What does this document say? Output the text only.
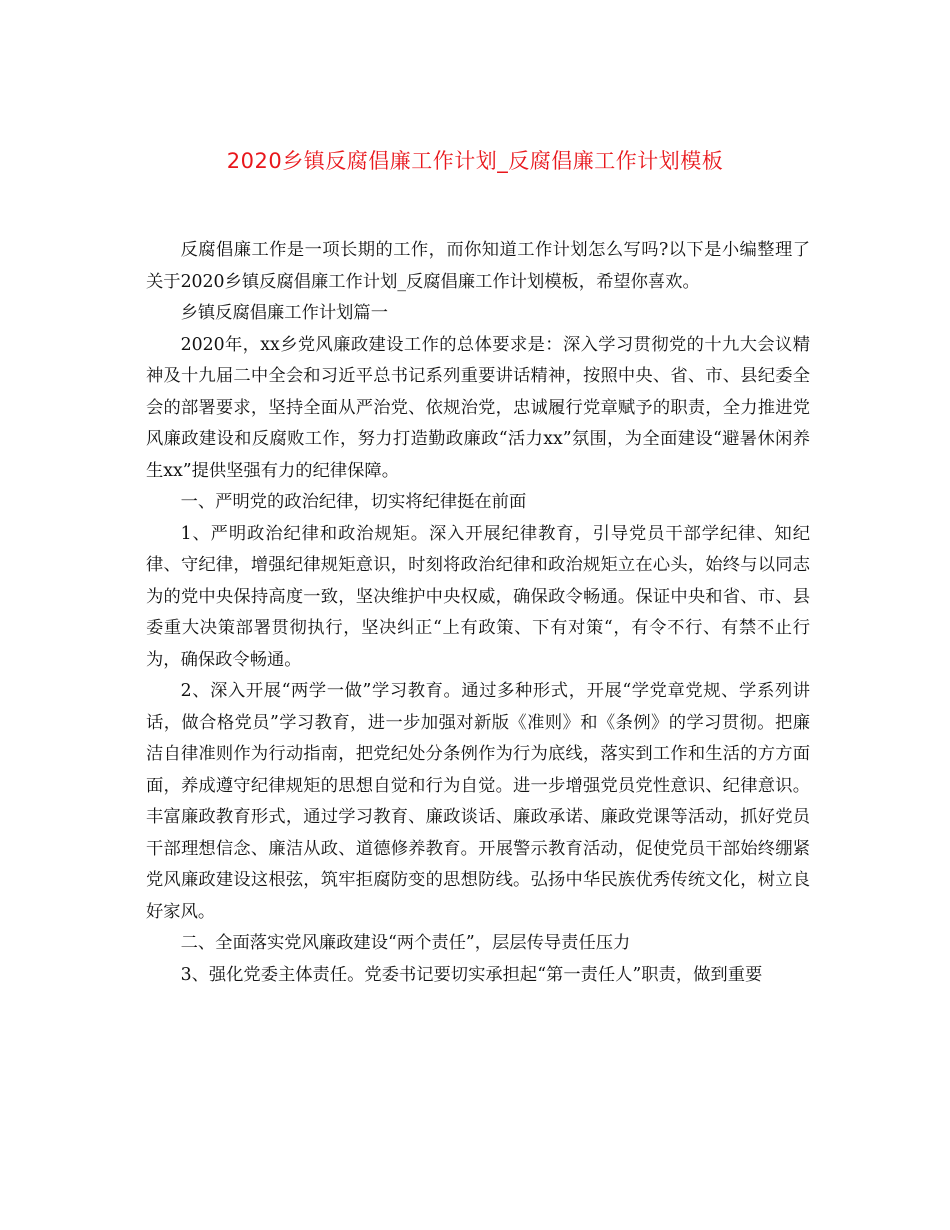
2020乡镇反腐倡廉工作计划_反腐倡廉工作计划模板

反腐倡廉工作是一项长期的工作，而你知道工作计划怎么写吗?以下是小编整理了关于2020乡镇反腐倡廉工作计划_反腐倡廉工作计划模板，希望你喜欢。

乡镇反腐倡廉工作计划篇一

2020年，xx乡党风廉政建设工作的总体要求是：深入学习贯彻党的十九大会议精神及十九届二中全会和习近平总书记系列重要讲话精神，按照中央、省、市、县纪委全会的部署要求，坚持全面从严治党、依规治党，忠诚履行党章赋予的职责，全力推进党风廉政建设和反腐败工作，努力打造勤政廉政“活力xx”氛围，为全面建设“避暑休闲养生xx”提供坚强有力的纪律保障。

一、严明党的政治纪律，切实将纪律挺在前面

1、严明政治纪律和政治规矩。深入开展纪律教育，引导党员干部学纪律、知纪律、守纪律，增强纪律规矩意识，时刻将政治纪律和政治规矩立在心头，始终与以同志为的党中央保持高度一致，坚决维护中央权威，确保政令畅通。保证中央和省、市、县委重大决策部署贯彻执行，坚决纠正“上有政策、下有对策“，有令不行、有禁不止行为，确保政令畅通。

2、深入开展“两学一做”学习教育。通过多种形式，开展“学党章党规、学系列讲话，做合格党员”学习教育，进一步加强对新版《准则》和《条例》的学习贯彻。把廉洁自律准则作为行动指南，把党纪处分条例作为行为底线，落实到工作和生活的方方面面，养成遵守纪律规矩的思想自觉和行为自觉。进一步增强党员党性意识、纪律意识。丰富廉政教育形式，通过学习教育、廉政谈话、廉政承诺、廉政党课等活动，抓好党员干部理想信念、廉洁从政、道德修养教育。开展警示教育活动，促使党员干部始终绷紧党风廉政建设这根弦，筑牢拒腐防变的思想防线。弘扬中华民族优秀传统文化，树立良好家风。

二、全面落实党风廉政建设“两个责任”，层层传导责任压力

3、强化党委主体责任。党委书记要切实承担起“第一责任人”职责，做到重要
